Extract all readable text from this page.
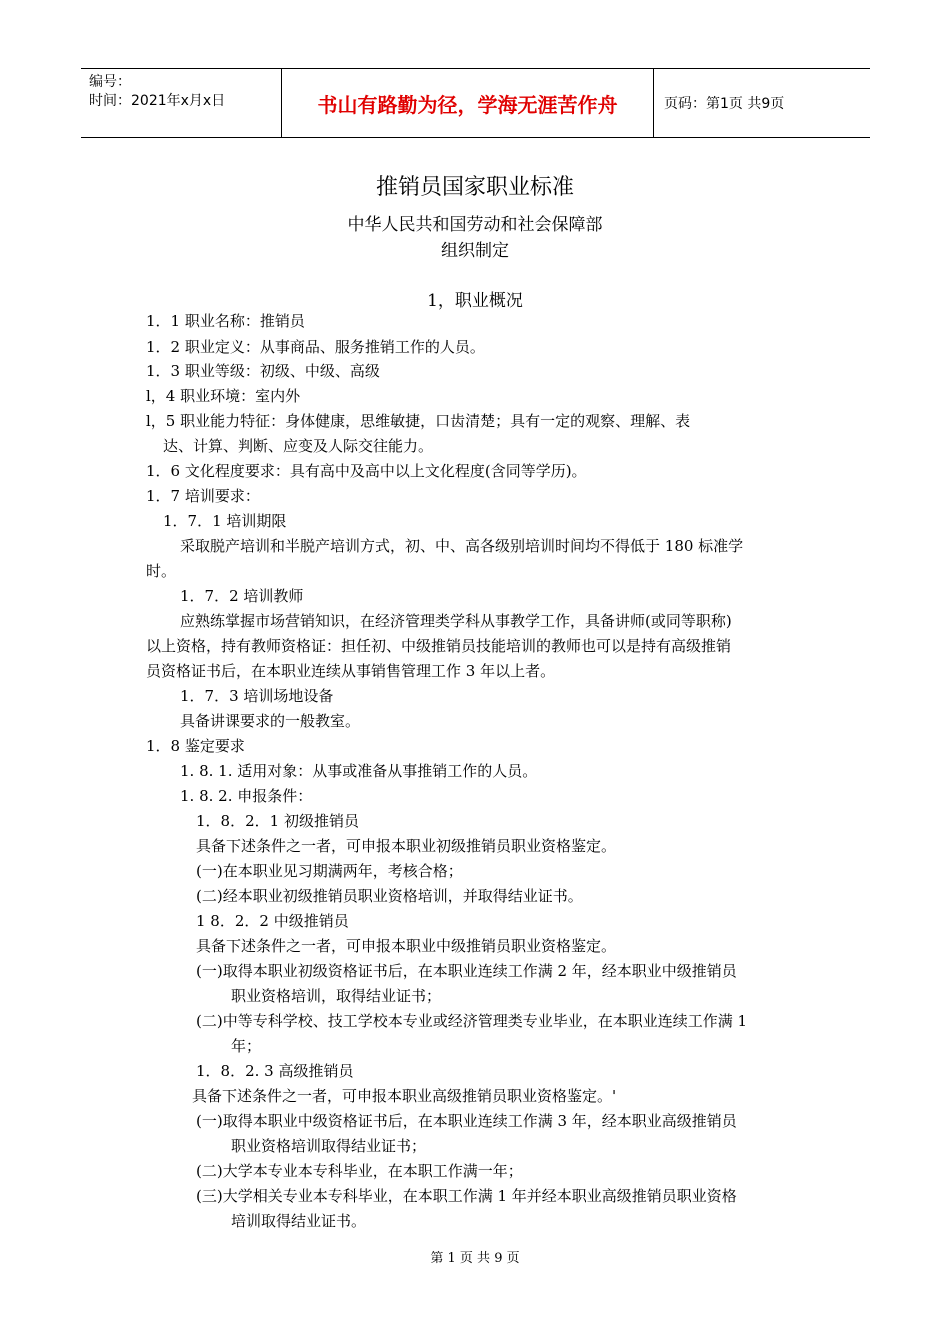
编号：
时间：2021年x月x日	书山有路勤为径，学海无涯苦作舟	页码：第1页 共9页
推销员国家职业标准
中华人民共和国劳动和社会保障部
组织制定
1，职业概况
1．1 职业名称：推销员
1．2 职业定义：从事商品、服务推销工作的人员。
1．3 职业等级：初级、中级、高级
l，4 职业环境：室内外
l，5 职业能力特征：身体健康，思维敏捷，口齿清楚；具有一定的观察、理解、表
达、计算、判断、应变及人际交往能力。
1．6 文化程度要求：具有高中及高中以上文化程度(含同等学历)。
1．7 培训要求：
1．7．1 培训期限
采取脱产培训和半脱产培训方式，初、中、高各级别培训时间均不得低于 180 标准学
时。
1．7．2 培训教师
应熟练掌握市场营销知识，在经济管理类学科从事教学工作，具备讲师(或同等职称)
以上资格，持有教师资格证：担任初、中级推销员技能培训的教师也可以是持有高级推销
员资格证书后，在本职业连续从事销售管理工作 3 年以上者。
1．7．3 培训场地设备
具备讲课要求的一般教室。
1．8 鉴定要求
1. 8. 1. 适用对象：从事或准备从事推销工作的人员。
1. 8. 2. 申报条件：
1．8．2．1 初级推销员
具备下述条件之一者，可申报本职业初级推销员职业资格鉴定。
(一)在本职业见习期满两年，考核合格；
(二)经本职业初级推销员职业资格培训，并取得结业证书。
1 8．2．2 中级推销员
具备下述条件之一者，可申报本职业中级推销员职业资格鉴定。
(一)取得本职业初级资格证书后，在本职业连续工作满 2 年，经本职业中级推销员
职业资格培训，取得结业证书；
(二)中等专科学校、技工学校本专业或经济管理类专业毕业，在本职业连续工作满 1
年；
1．8．2. 3 高级推销员
具备下述条件之一者，可申报本职业高级推销员职业资格鉴定。'
(一)取得本职业中级资格证书后，在本职业连续工作满 3 年，经本职业高级推销员
职业资格培训取得结业证书；
(二)大学本专业本专科毕业，在本职工作满一年；
(三)大学相关专业本专科毕业，在本职工作满 1 年并经本职业高级推销员职业资格
培训取得结业证书。
第 1 页 共 9 页
